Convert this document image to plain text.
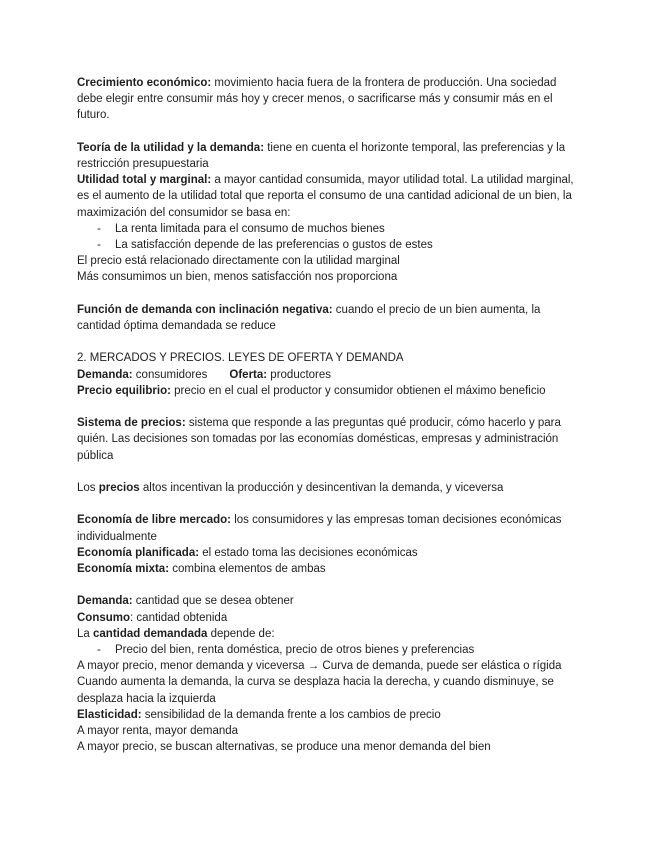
Crecimiento económico: movimiento hacia fuera de la frontera de producción. Una sociedad debe elegir entre consumir más hoy y crecer menos, o sacrificarse más y consumir más en el futuro.

Teoría de la utilidad y la demanda: tiene en cuenta el horizonte temporal, las preferencias y la restricción presupuestaria

Utilidad total y marginal: a mayor cantidad consumida, mayor utilidad total. La utilidad marginal, es el aumento de la utilidad total que reporta el consumo de una cantidad adicional de un bien, la maximización del consumidor se basa en:

- La renta limitada para el consumo de muchos bienes
- La satisfacción depende de las preferencias o gustos de estes

El precio está relacionado directamente con la utilidad marginal

Más consumimos un bien, menos satisfacción nos proporciona

Función de demanda con inclinación negativa: cuando el precio de un bien aumenta, la cantidad óptima demandada se reduce

2. MERCADOS Y PRECIOS. LEYES DE OFERTA Y DEMANDA

Demanda: consumidores Oferta: productores

Precio equilibrio: precio en el cual el productor y consumidor obtienen el máximo beneficio

Sistema de precios: sistema que responde a las preguntas qué producir, cómo hacerlo y para quién. Las decisiones son tomadas por las economías domésticas, empresas y administración pública

Los precios altos incentivan la producción y desincentivan la demanda, y viceversa

Economía de libre mercado: los consumidores y las empresas toman decisiones económicas individualmente

Economía planificada: el estado toma las decisiones económicas

Economía mixta: combina elementos de ambas

Demanda: cantidad que se desea obtener

Consumo: cantidad obtenida

La cantidad demandada depende de:

- Precio del bien, renta doméstica, precio de otros bienes y preferencias

A mayor precio, menor demanda y viceversa → Curva de demanda, puede ser elástica o rígida

Cuando aumenta la demanda, la curva se desplaza hacia la derecha, y cuando disminuye, se desplaza hacia la izquierda

Elasticidad: sensibilidad de la demanda frente a los cambios de precio

A mayor renta, mayor demanda

A mayor precio, se buscan alternativas, se produce una menor demanda del bien
